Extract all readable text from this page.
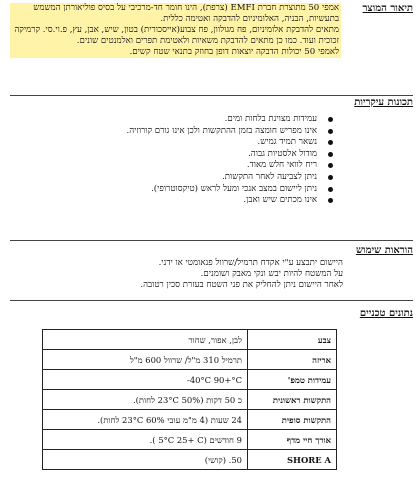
תיאור המוצר

אמפי 50 מתוצרת חברת EMFI (צרפת), הינו חומר חד-מרכיבי על בסיס פוליאורתן המשמש בתעשיות, הבניה, האלומיניום להדבקה ואטימה כללית.

מתאים להדבקת אלומיניום, פח מגולוון, פח צבוע(אייסכורית) בטון, שיש, אבן, עץ, פ.וי.סי. קרמיקה זכוכית ועוד. כמו כן מתאים להדבקת משאיות ולאטימת תפרים ואלמנטים שונים.

לאמפי 50 יכולות הדבקה יוצאות דופן בחוזק בתנאי שטח קשים.

תכונות עיקריות
עמידות מצוינת בלחות ומים.
אינו מפריש חומצה בזמן ההתקשות ולכן אינו גורם קורוזיה.
נשאר תמיד גמיש.
מודול אלסטיות גבוה.
ריח לוואי חלש מאוד.
ניתן לצביעה לאחר התקשות.
ניתן ליישום במצב אנכי ומעל לראש (טיקסוטרופי).
אינו מכתים שיש ואבן.
הוראות שימוש

היישום יתבצע ע"י אקדח תרמיל/שרוול פנאומטי או ידני.

על המשטח להיות יבש ונקי מאבק ושומנים.

לאחר היישום ניתן להחליק את פני השטח בעזרת סכין רטובה.

נתונים טכניים
צבע	לבן, אפור, שחור
אריזה	תרמיל 310 מ"ל/ שרוול 600 מ"ל
עמידות טמפ'	‎-40°C 90+°C
התקשות ראשונית	כ 50 דקות (23°C 50% לחות).
התקשות סופית	24 שעות (4 מ"מ עובי 23°C 60% לחות).
אורך חיי מדף	9 חודשים (5°C 25+ C ).
SHORE A	50. (קושי)
